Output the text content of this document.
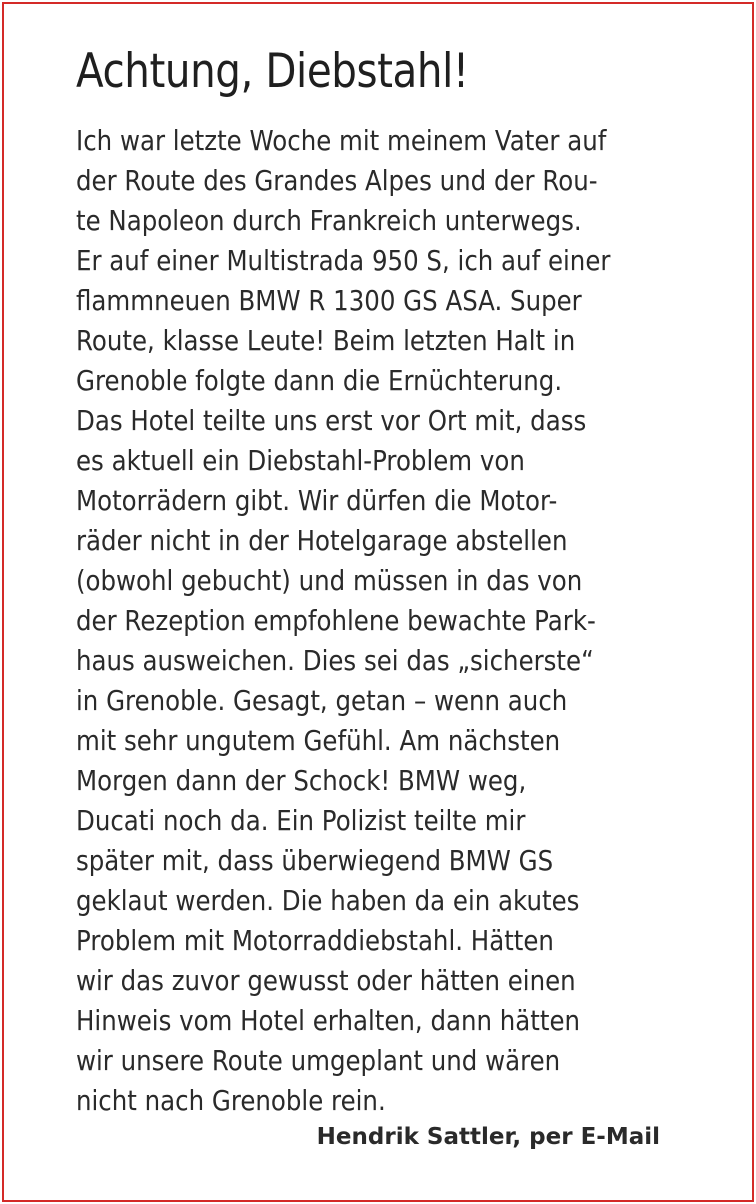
Achtung, Diebstahl!
Ich war letzte Woche mit meinem Vater auf
der Route des Grandes Alpes und der Rou-
te Napoleon durch Frankreich unterwegs.
Er auf einer Multistrada 950 S, ich auf einer
flammneuen BMW R 1300 GS ASA. Super
Route, klasse Leute! Beim letzten Halt in
Grenoble folgte dann die Ernüchterung.
Das Hotel teilte uns erst vor Ort mit, dass
es aktuell ein Diebstahl-Problem von
Motorrädern gibt. Wir dürfen die Motor-
räder nicht in der Hotelgarage abstellen
(obwohl gebucht) und müssen in das von
der Rezeption empfohlene bewachte Park-
haus ausweichen. Dies sei das „sicherste“
in Grenoble. Gesagt, getan – wenn auch
mit sehr ungutem Gefühl. Am nächsten
Morgen dann der Schock! BMW weg,
Ducati noch da. Ein Polizist teilte mir
später mit, dass überwiegend BMW GS
geklaut werden. Die haben da ein akutes
Problem mit Motorraddiebstahl. Hätten
wir das zuvor gewusst oder hätten einen
Hinweis vom Hotel erhalten, dann hätten
wir unsere Route umgeplant und wären
nicht nach Grenoble rein.
Hendrik Sattler, per E-Mail
